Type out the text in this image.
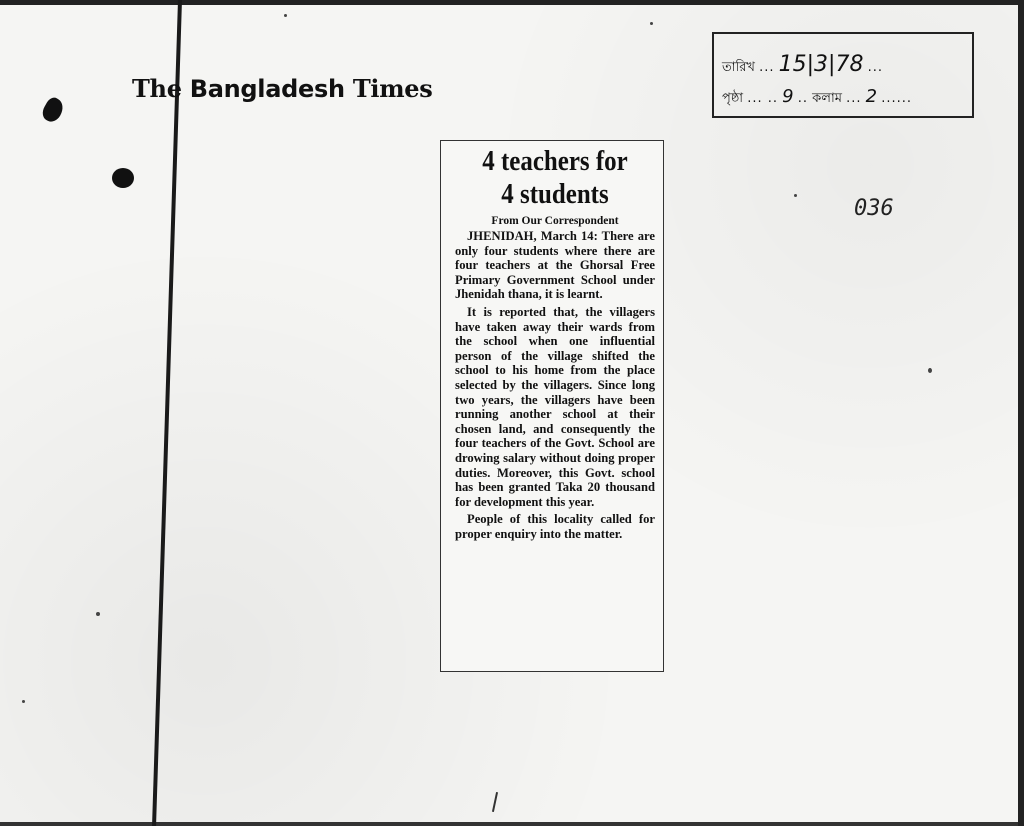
The Bangladesh Times
তারিখ ... 15|3|78 ...
পৃষ্ঠা ... .. 9 .. কলাম ... 2 ......
036
4 teachers for
4 students
From Our Correspondent

JHENIDAH, March 14: There are only four students where there are four teachers at the Ghorsal Free Primary Government School under Jhenidah thana, it is learnt.

It is reported that, the villagers have taken away their wards from the school when one influential person of the village shifted the school to his home from the place selected by the villagers. Since long two years, the villagers have been running another school at their chosen land, and consequently the four teachers of the Govt. School are drowing salary without doing proper duties. Moreover, this Govt. school has been granted Taka 20 thousand for development this year.

People of this locality called for proper enquiry into the matter.
